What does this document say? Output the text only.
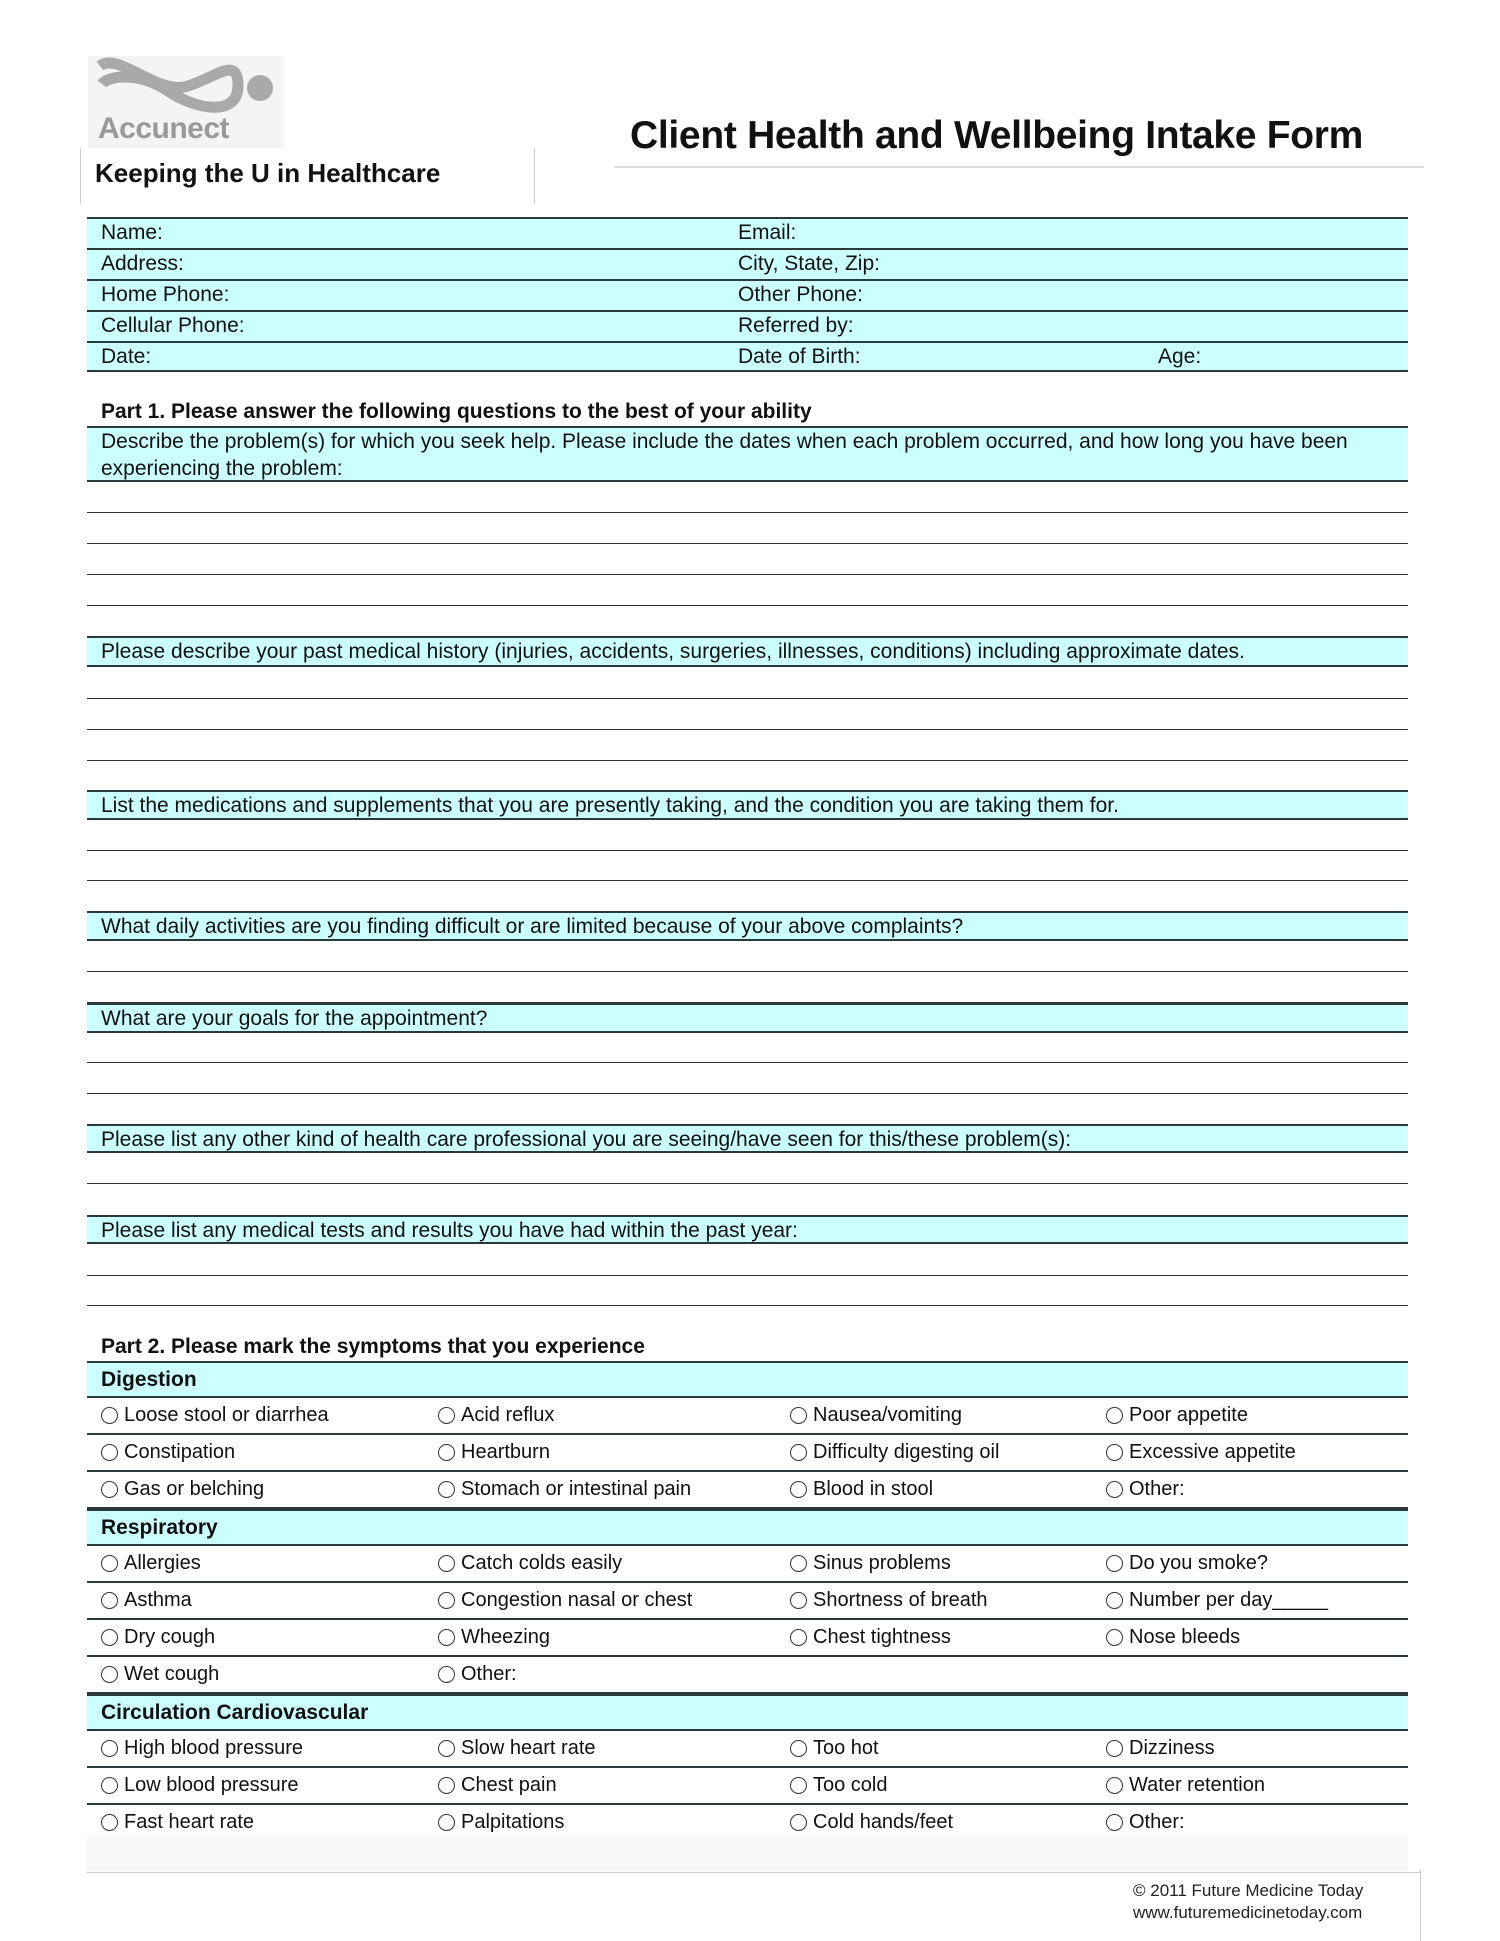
Accunect
Keeping the U in Healthcare
Client Health and Wellbeing Intake Form
Name:	Email:
Address:	City, State, Zip:
Home Phone:	Other Phone:
Cellular Phone:	Referred by:
Date:	Date of Birth:	Age:
Part 1. Please answer the following questions to the best of your ability
Describe the problem(s) for which you seek help. Please include the dates when each problem occurred, and how long you have been experiencing the problem:
Please describe your past medical history (injuries, accidents, surgeries, illnesses, conditions) including approximate dates.
List the medications and supplements that you are presently taking, and the condition you are taking them for.
What daily activities are you finding difficult or are limited because of your above complaints?
What are your goals for the appointment?
Please list any other kind of health care professional you are seeing/have seen for this/these problem(s):
Please list any medical tests and results you have had within the past year:
Part 2. Please mark the symptoms that you experience
Digestion
Loose stool or diarrhea	Acid reflux	Nausea/vomiting	Poor appetite
Constipation	Heartburn	Difficulty digesting oil	Excessive appetite
Gas or belching	Stomach or intestinal pain	Blood in stool	Other:
Respiratory
Allergies	Catch colds easily	Sinus problems	Do you smoke?
Asthma	Congestion nasal or chest	Shortness of breath	Number per day_____
Dry cough	Wheezing	Chest tightness	Nose bleeds
Wet cough	Other:
Circulation Cardiovascular
High blood pressure	Slow heart rate	Too hot	Dizziness
Low blood pressure	Chest pain	Too cold	Water retention
Fast heart rate	Palpitations	Cold hands/feet	Other:
© 2011 Future Medicine Today
www.futuremedicinetoday.com
